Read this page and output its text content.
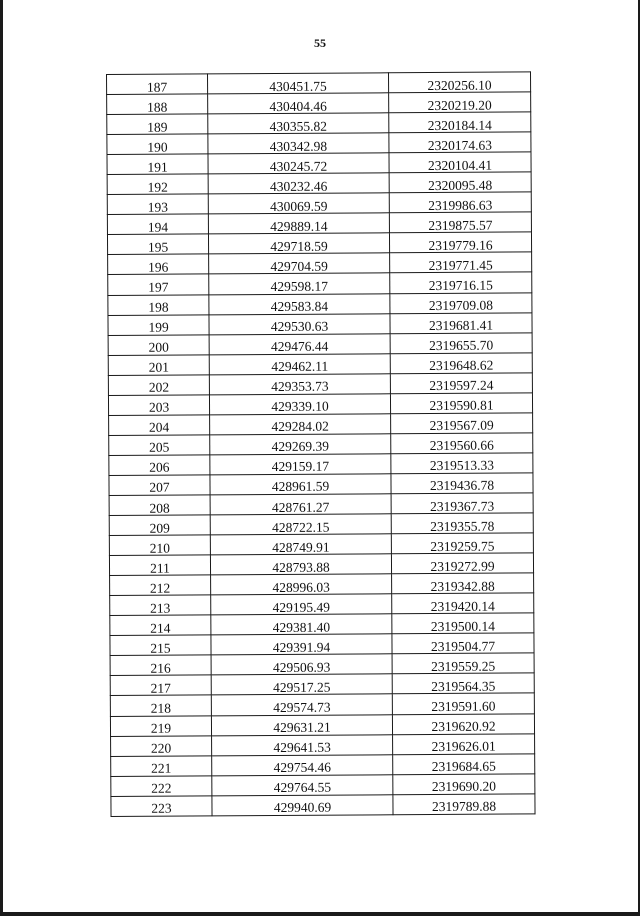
55
187	430451.75	2320256.10
188	430404.46	2320219.20
189	430355.82	2320184.14
190	430342.98	2320174.63
191	430245.72	2320104.41
192	430232.46	2320095.48
193	430069.59	2319986.63
194	429889.14	2319875.57
195	429718.59	2319779.16
196	429704.59	2319771.45
197	429598.17	2319716.15
198	429583.84	2319709.08
199	429530.63	2319681.41
200	429476.44	2319655.70
201	429462.11	2319648.62
202	429353.73	2319597.24
203	429339.10	2319590.81
204	429284.02	2319567.09
205	429269.39	2319560.66
206	429159.17	2319513.33
207	428961.59	2319436.78
208	428761.27	2319367.73
209	428722.15	2319355.78
210	428749.91	2319259.75
211	428793.88	2319272.99
212	428996.03	2319342.88
213	429195.49	2319420.14
214	429381.40	2319500.14
215	429391.94	2319504.77
216	429506.93	2319559.25
217	429517.25	2319564.35
218	429574.73	2319591.60
219	429631.21	2319620.92
220	429641.53	2319626.01
221	429754.46	2319684.65
222	429764.55	2319690.20
223	429940.69	2319789.88
